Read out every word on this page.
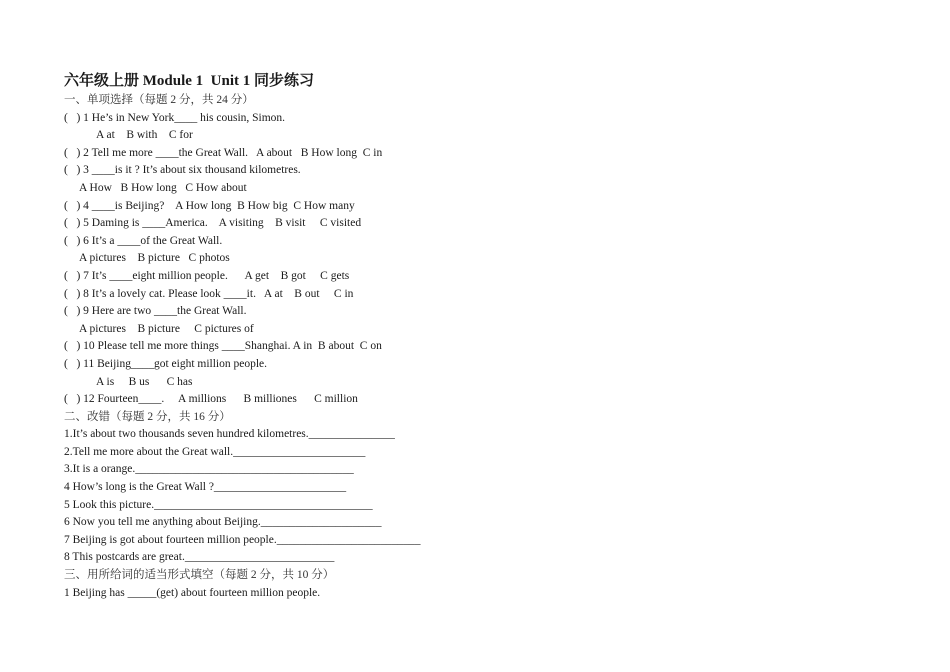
六年级上册 Module 1  Unit 1 同步练习
一、单项选择（每题 2 分，共 24 分）
(   ) 1 He’s in New York____ his cousin, Simon.
A at    B with    C for
(   ) 2 Tell me more ____the Great Wall.   A about   B How long  C in
(   ) 3 ____is it ? It’s about six thousand kilometres.
A How   B How long   C How about
(   ) 4 ____is Beijing?    A How long  B How big  C How many
(   ) 5 Daming is ____America.    A visiting    B visit     C visited
(   ) 6 It’s a ____of the Great Wall.
A pictures    B picture   C photos
(   ) 7 It’s ____eight million people.      A get    B got     C gets
(   ) 8 It’s a lovely cat. Please look ____it.   A at    B out     C in
(   ) 9 Here are two ____the Great Wall.
A pictures    B picture     C pictures of
(   ) 10 Please tell me more things ____Shanghai. A in  B about  C on
(   ) 11 Beijing____got eight million people.
A is     B us      C has
(   ) 12 Fourteen____.     A millions      B milliones      C million
二、改错（每题 2 分，共 16 分）
1.It’s about two thousands seven hundred kilometres._______________
2.Tell me more about the Great wall._______________________
3.It is a orange.______________________________________
4 How’s long is the Great Wall ?_______________________
5 Look this picture.______________________________________
6 Now you tell me anything about Beijing._____________________
7 Beijing is got about fourteen million people._________________________
8 This postcards are great.__________________________
三、用所给词的适当形式填空（每题 2 分，共 10 分）
1 Beijing has _____(get) about fourteen million people.
